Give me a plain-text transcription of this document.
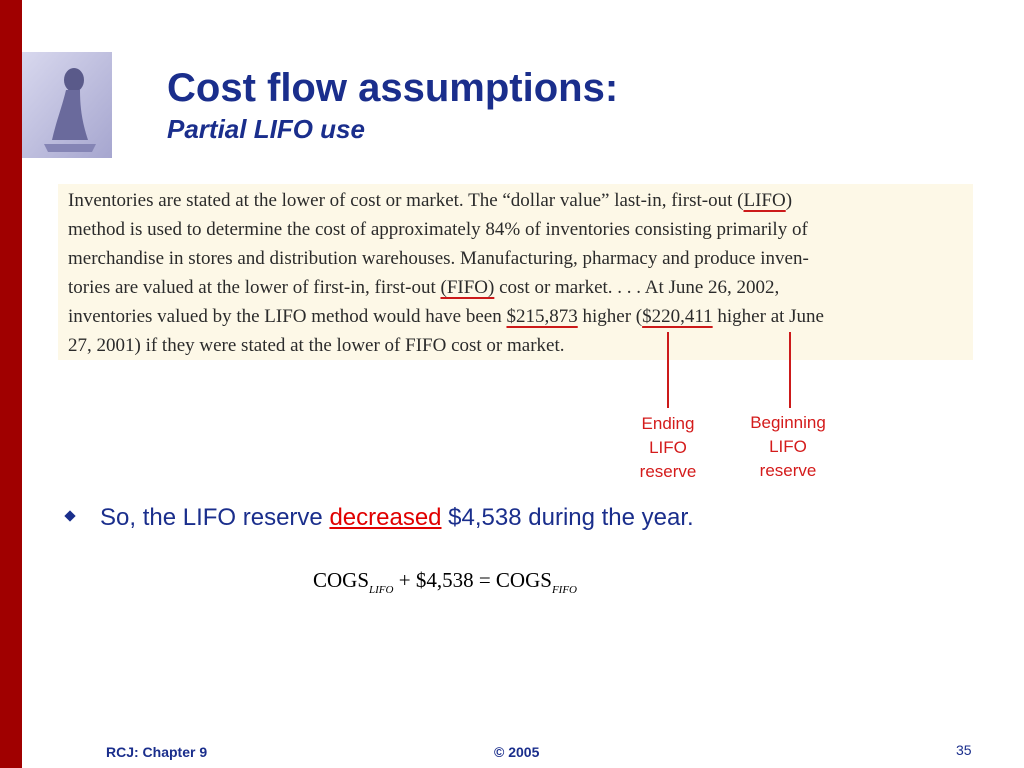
Cost flow assumptions:
Partial LIFO use
Inventories are stated at the lower of cost or market. The “dollar value” last-in, first-out (LIFO)
method is used to determine the cost of approximately 84% of inventories consisting primarily of
merchandise in stores and distribution warehouses. Manufacturing, pharmacy and produce inven-
tories are valued at the lower of first-in, first-out (FIFO) cost or market. . . . At June 26, 2002,
inventories valued by the LIFO method would have been $215,873 higher ($220,411 higher at June
27, 2001) if they were stated at the lower of FIFO cost or market.
Ending
LIFO
reserve
Beginning
LIFO
reserve
So, the LIFO reserve decreased $4,538 during the year.
$COGS_{LIFO}$ + $4,538 = $COGS_{FIFO}$
RCJ: Chapter 9	© 2005	35
